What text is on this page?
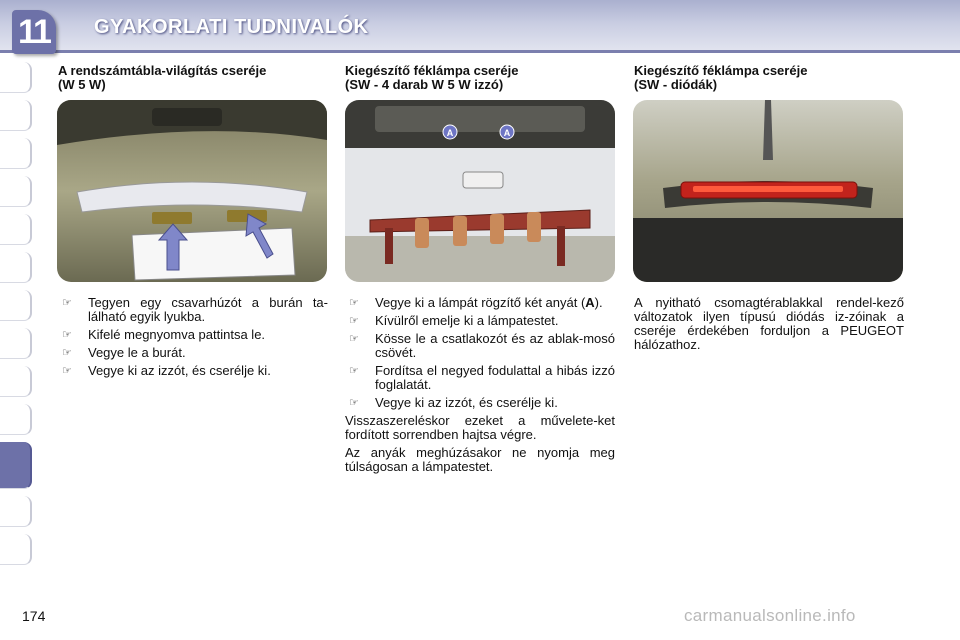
11	GYAKORLATI TUDNIVALÓK

A rendszámtábla-világítás cseréje
(W 5 W)

☞	Tegyen egy csavarhúzót a burán ta-lálható egyik lyukba.
☞	Kifelé megnyomva pattintsa le.
☞	Vegye le a burát.
☞	Vegye ki az izzót, és cserélje ki.

Kiegészítő féklámpa cseréje
(SW - 4 darab W 5 W izzó)

A	A
☞	Vegye ki a lámpát rögzítő két anyát (A).
☞	Kívülről emelje ki a lámpatestet.
☞	Kösse le a csatlakozót és az ablak-mosó csövét.
☞	Fordítsa el negyed fodulattal a hibás izzó foglalatát.
☞	Vegye ki az izzót, és cserélje ki.

Visszaszereléskor ezeket a művelete-ket fordított sorrendben hajtsa végre.

Az anyák meghúzásakor ne nyomja meg túlságosan a lámpatestet.

Kiegészítő féklámpa cseréje
(SW - diódák)

A nyitható csomagtérablakkal rendel-kező változatok ilyen típusú diódás iz-zóinak a cseréje érdekében forduljon a PEUGEOT hálózathoz.

174	carmanualsonline.info
